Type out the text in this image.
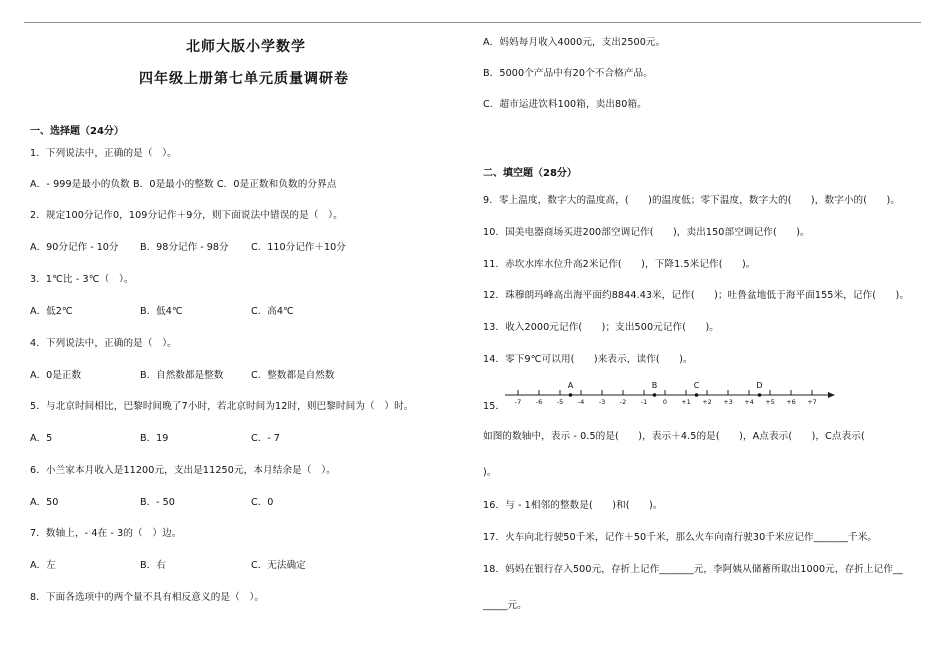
北师大版小学数学
四年级上册第七单元质量调研卷
一、选择题（24分）
1．下列说法中，正确的是（　）。
A．- 999是最小的负数 B．0是最小的整数 C．0是正数和负数的分界点
2．规定100分记作0，109分记作＋9分，则下面说法中错误的是（　）。
A．90分记作 - 10分 B．98分记作 - 98分 C．110分记作＋10分
3．1℃比 - 3℃（　）。
A．低2℃	B．低4℃	C．高4℃
4．下列说法中，正确的是（　）。
A．0是正数	B．自然数都是整数	C．整数都是自然数
5．与北京时间相比，巴黎时间晚了7小时，若北京时间为12时，则巴黎时间为（　）时。
A．5	B．19	C．- 7
6．小兰家本月收入是11200元，支出是11250元，本月结余是（　）。
A．50	B．- 50	C．0
7．数轴上，- 4在 - 3的（　）边。
A．左	B．右	C．无法确定
8．下面各选项中的两个量不具有相反意义的是（　）。
A．妈妈每月收入4000元，支出2500元。
B．5000个产品中有20个不合格产品。
C．超市运进饮料100箱，卖出80箱。
二、填空题（28分）
9．零上温度，数字大的温度高，(　　)的温度低；零下温度，数字大的(　　)，数字小的(　　)。
10．国美电器商场买进200部空调记作(　　)，卖出150部空调记作(　　)。
11．赤坎水库水位升高2米记作(　　)，下降1.5米记作(　　)。
12．珠穆朗玛峰高出海平面约8844.43米，记作(　　)；吐鲁盆地低于海平面155米，记作(　　)。
13．收入2000元记作(　　)；支出500元记作(　　)。
14．零下9℃可以用(　　)来表示，读作(　　)。
-7 -6 -5 -4 -3 -2 -1 0 +1 +2 +3 +4 +5 +6 +7
A	B	C	D
15．
如图的数轴中，表示 - 0.5的是(　　)，表示＋4.5的是(　　)，A点表示(　　)，C点表示(
)。
16．与 - 1相邻的整数是(　　)和(　　)。
17．火车向北行驶50千米，记作＋50千米，那么火车向南行驶30千米应记作_______千米。
18．妈妈在银行存入500元，存折上记作_______元，李阿姨从储蓄所取出1000元，存折上记作__
_____元。
